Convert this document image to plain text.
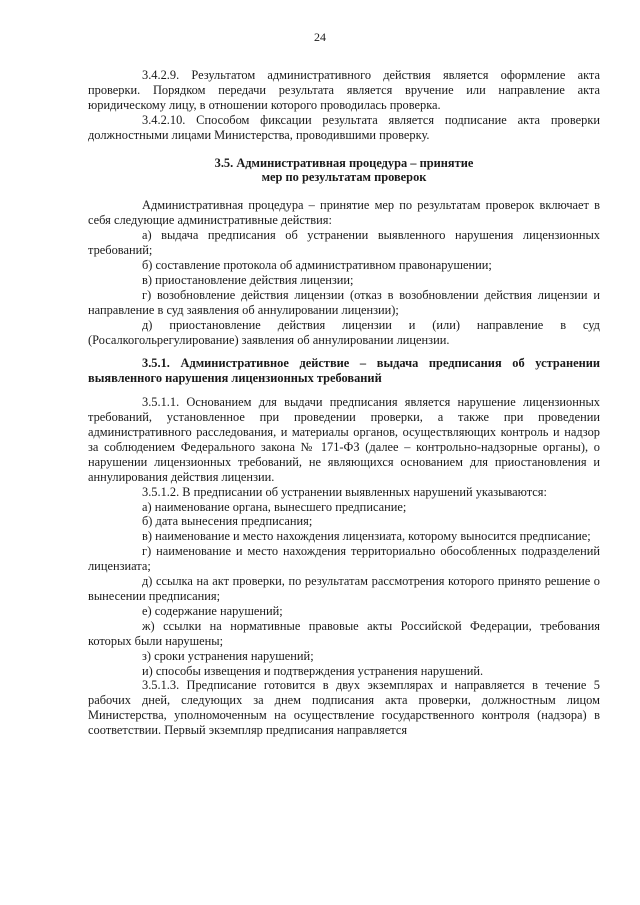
24

3.4.2.9. Результатом административного действия является оформление акта проверки. Порядком передачи результата является вручение или направление акта юридическому лицу, в отношении которого проводилась проверка.

3.4.2.10. Способом фиксации результата является подписание акта проверки должностными лицами Министерства, проводившими проверку.

3.5. Административная процедура – принятие
мер по результатам проверок

Административная процедура – принятие мер по результатам проверок включает в себя следующие административные действия:

а) выдача предписания об устранении выявленного нарушения лицензионных требований;

б) составление протокола об административном правонарушении;

в) приостановление действия лицензии;

г) возобновление действия лицензии (отказ в возобновлении действия лицензии и направление в суд заявления об аннулировании лицензии);

д) приостановление действия лицензии и (или) направление в суд (Росалкогольрегулирование) заявления об аннулировании лицензии.

3.5.1. Административное действие – выдача предписания об устранении выявленного нарушения лицензионных требований

3.5.1.1. Основанием для выдачи предписания является нарушение лицензионных требований, установленное при проведении проверки, а также при проведении административного расследования, и материалы органов, осуществляющих контроль и надзор за соблюдением Федерального закона № 171-ФЗ (далее – контрольно-надзорные органы), о нарушении лицензионных требований, не являющихся основанием для приостановления и аннулирования действия лицензии.

3.5.1.2. В предписании об устранении выявленных нарушений указываются:

а) наименование органа, вынесшего предписание;

б) дата вынесения предписания;

в) наименование и место нахождения лицензиата, которому выносится предписание;

г) наименование и место нахождения территориально обособленных подразделений лицензиата;

д) ссылка на акт проверки, по результатам рассмотрения которого принято решение о вынесении предписания;

е) содержание нарушений;

ж) ссылки на нормативные правовые акты Российской Федерации, требования которых были нарушены;

з) сроки устранения нарушений;

и) способы извещения и подтверждения устранения нарушений.

3.5.1.3. Предписание готовится в двух экземплярах и направляется в течение 5 рабочих дней, следующих за днем подписания акта проверки, должностным лицом Министерства, уполномоченным на осуществление государственного контроля (надзора) в соответствии. Первый экземпляр предписания направляется
